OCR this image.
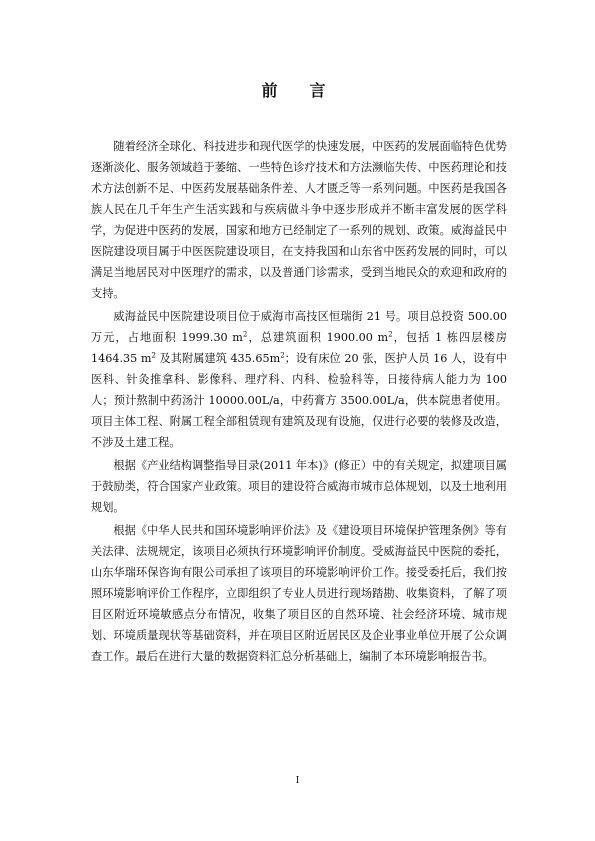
前　言

随着经济全球化、科技进步和现代医学的快速发展，中医药的发展面临特色优势逐渐淡化、服务领域趋于萎缩、一些特色诊疗技术和方法濒临失传、中医药理论和技术方法创新不足、中医药发展基础条件差、人才匮乏等一系列问题。中医药是我国各族人民在几千年生产生活实践和与疾病做斗争中逐步形成并不断丰富发展的医学科学，为促进中医药的发展，国家和地方已经制定了一系列的规划、政策。威海益民中医院建设项目属于中医医院建设项目，在支持我国和山东省中医药发展的同时，可以满足当地居民对中医理疗的需求，以及普通门诊需求，受到当地民众的欢迎和政府的支持。

威海益民中医院建设项目位于威海市高技区恒瑞街 21 号。项目总投资 500.00 万元，占地面积 1999.30 $m^2$，总建筑面积 1900.00 $m^2$，包括 1 栋四层楼房 1464.35 $m^2$ 及其附属建筑 $435.65m^2$；设有床位 20 张，医护人员 16 人，设有中医科、针灸推拿科、影像科、理疗科、内科、检验科等，日接待病人能力为 100 人；预计熬制中药汤汁 10000.00L/a，中药膏方 3500.00L/a，供本院患者使用。项目主体工程、附属工程全部租赁现有建筑及现有设施，仅进行必要的装修及改造，不涉及土建工程。

根据《产业结构调整指导目录(2011 年本)》(修正）中的有关规定，拟建项目属于鼓励类，符合国家产业政策。项目的建设符合威海市城市总体规划，以及土地利用规划。

根据《中华人民共和国环境影响评价法》及《建设项目环境保护管理条例》等有关法律、法规规定，该项目必须执行环境影响评价制度。受威海益民中医院的委托，山东华瑞环保咨询有限公司承担了该项目的环境影响评价工作。接受委托后，我们按照环境影响评价工作程序，立即组织了专业人员进行现场踏勘、收集资料，了解了项目区附近环境敏感点分布情况，收集了项目区的自然环境、社会经济环境、城市规划、环境质量现状等基础资料，并在项目区附近居民区及企业事业单位开展了公众调查工作。最后在进行大量的数据资料汇总分析基础上，编制了本环境影响报告书。

I
